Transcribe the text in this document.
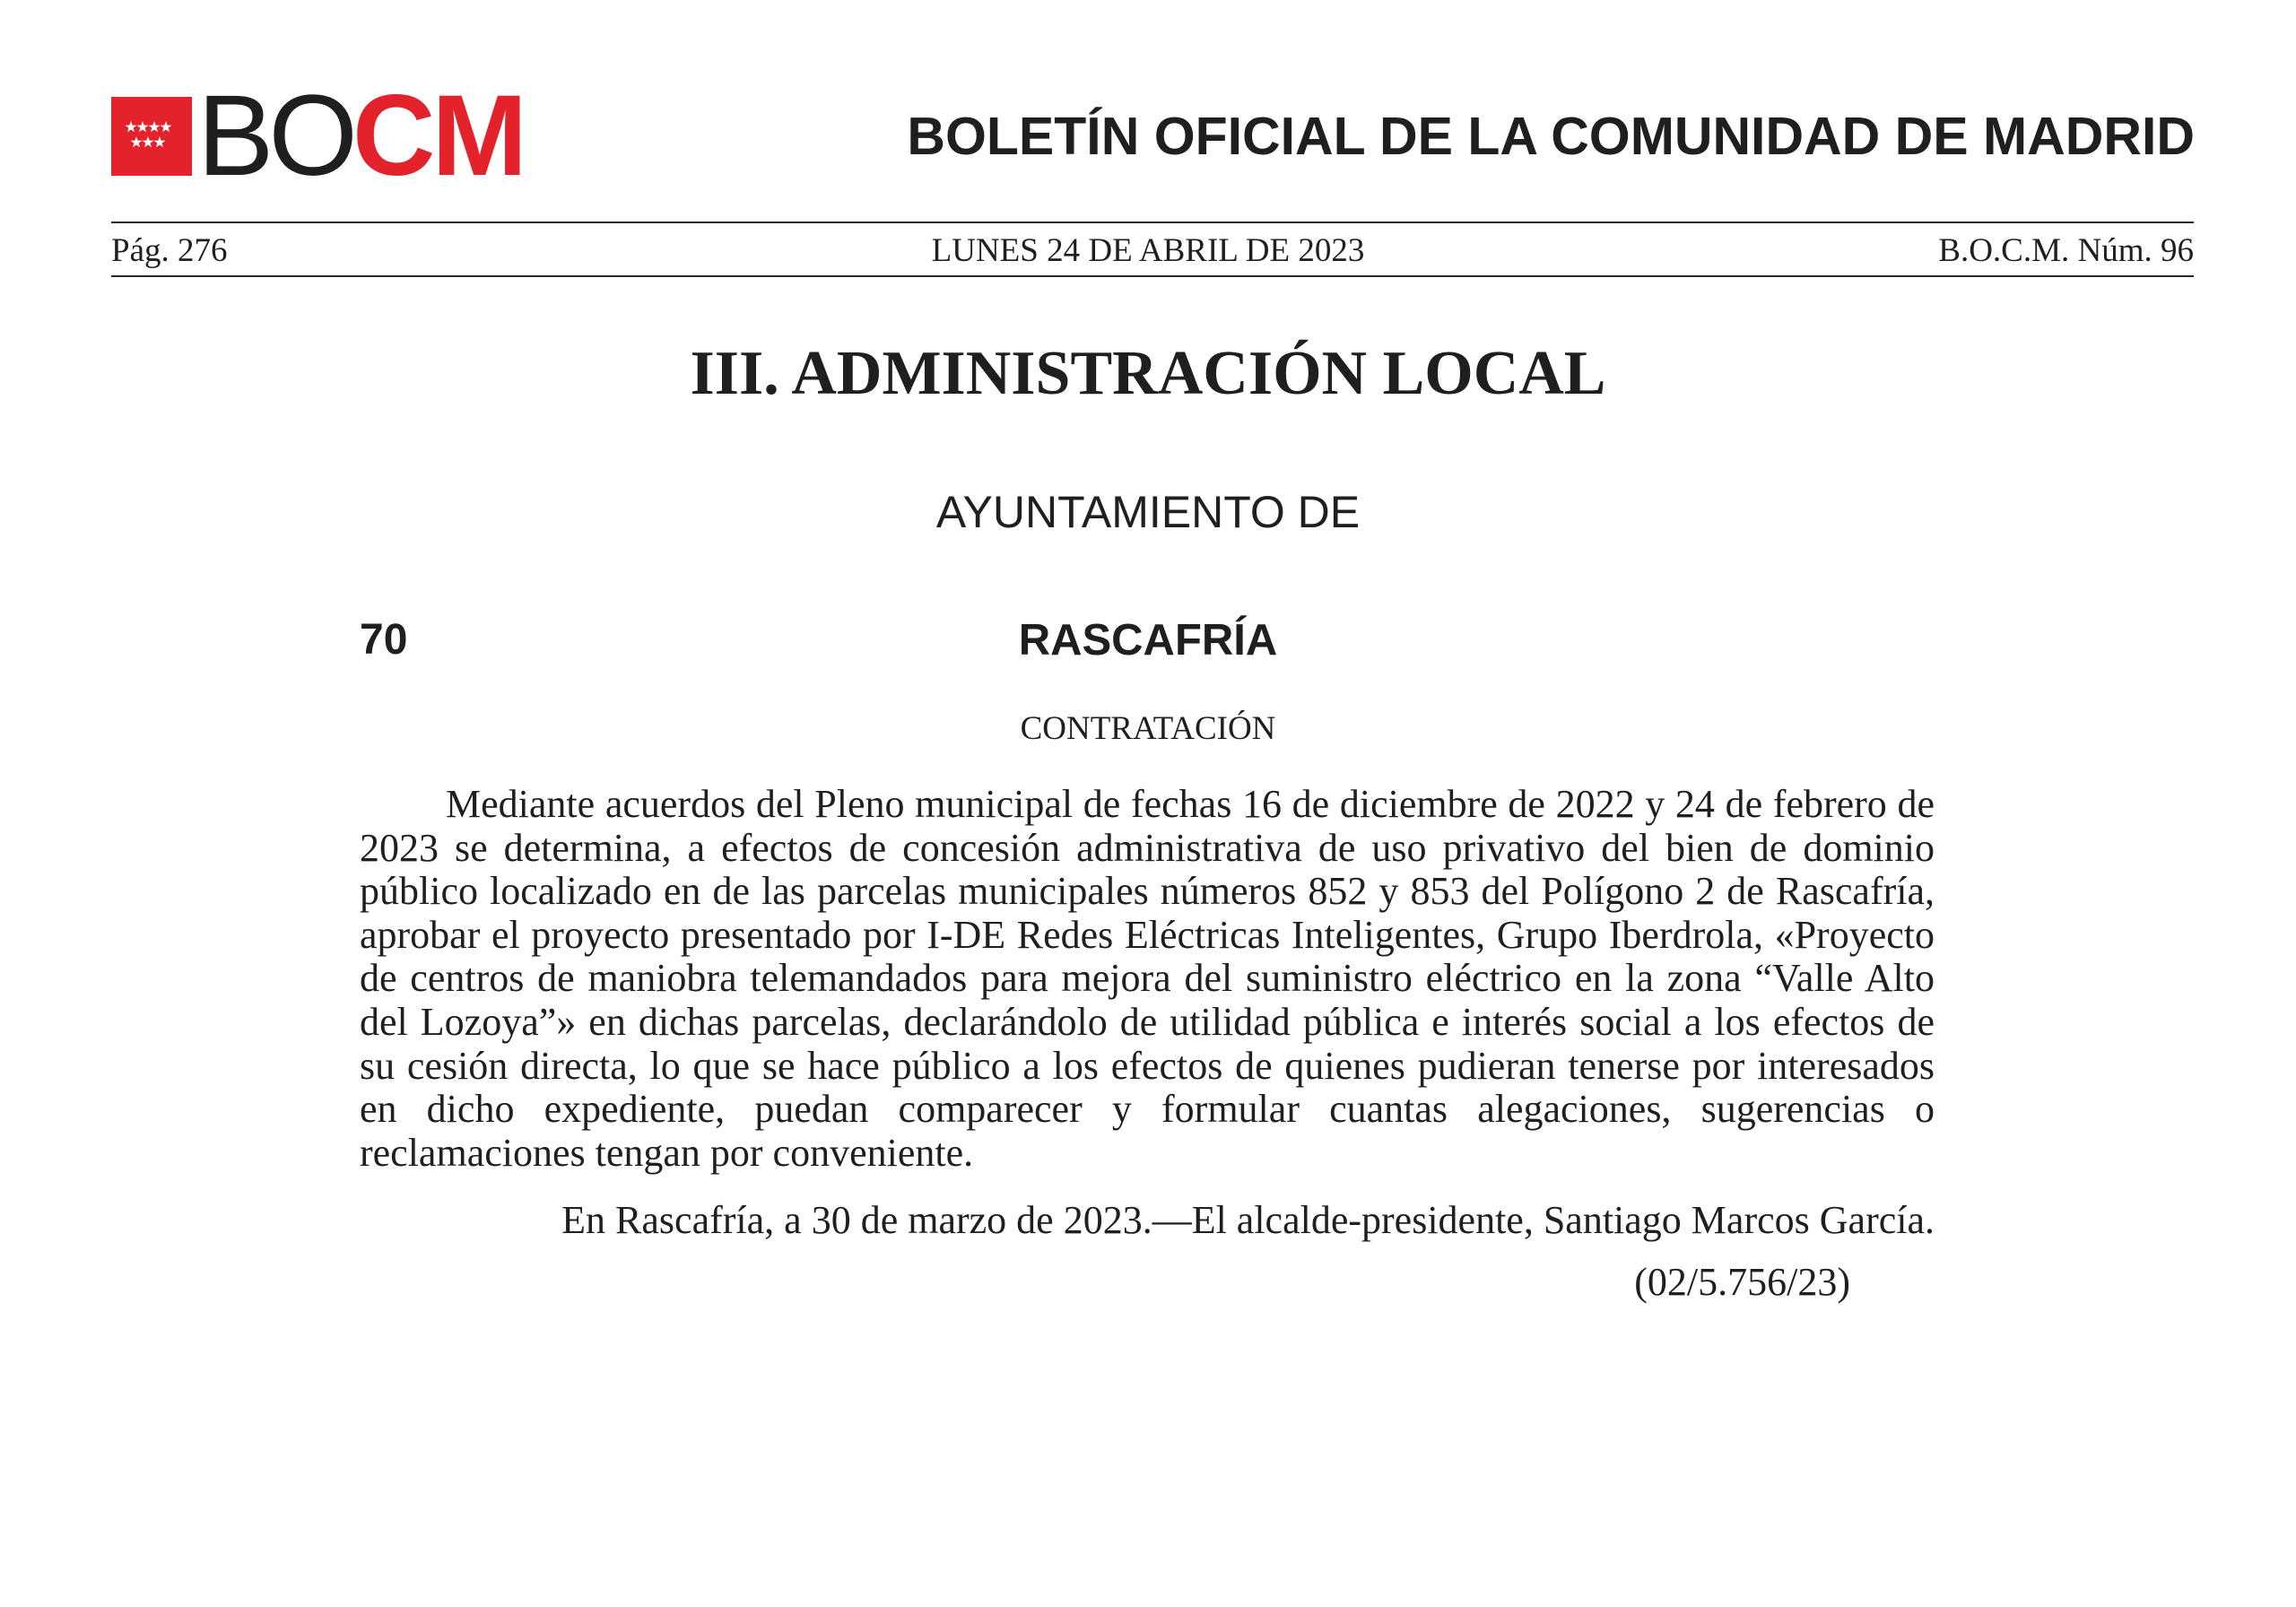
BOCM	BOLETÍN OFICIAL DE LA COMUNIDAD DE MADRID
Pág. 276	LUNES 24 DE ABRIL DE 2023	B.O.C.M. Núm. 96
III. ADMINISTRACIÓN LOCAL
AYUNTAMIENTO DE
70	RASCAFRÍA
CONTRATACIÓN

Mediante acuerdos del Pleno municipal de fechas 16 de diciembre de 2022 y 24 de febrero de 2023 se determina, a efectos de concesión administrativa de uso privativo del bien de dominio público localizado en de las parcelas municipales números 852 y 853 del Polígono 2 de Rascafría, aprobar el proyecto presentado por I-DE Redes Eléctricas Inteligentes, Grupo Iberdrola, «Proyecto de centros de maniobra telemandados para mejora del suministro eléctrico en la zona “Valle Alto del Lozoya”» en dichas parcelas, declarándolo de utilidad pública e interés social a los efectos de su cesión directa, lo que se hace público a los efectos de quienes pudieran tenerse por interesados en dicho expediente, puedan comparecer y formular cuantas alegaciones, sugerencias o reclamaciones tengan por conveniente.

En Rascafría, a 30 de marzo de 2023.—El alcalde-presidente, Santiago Marcos García.

(02/5.756/23)
